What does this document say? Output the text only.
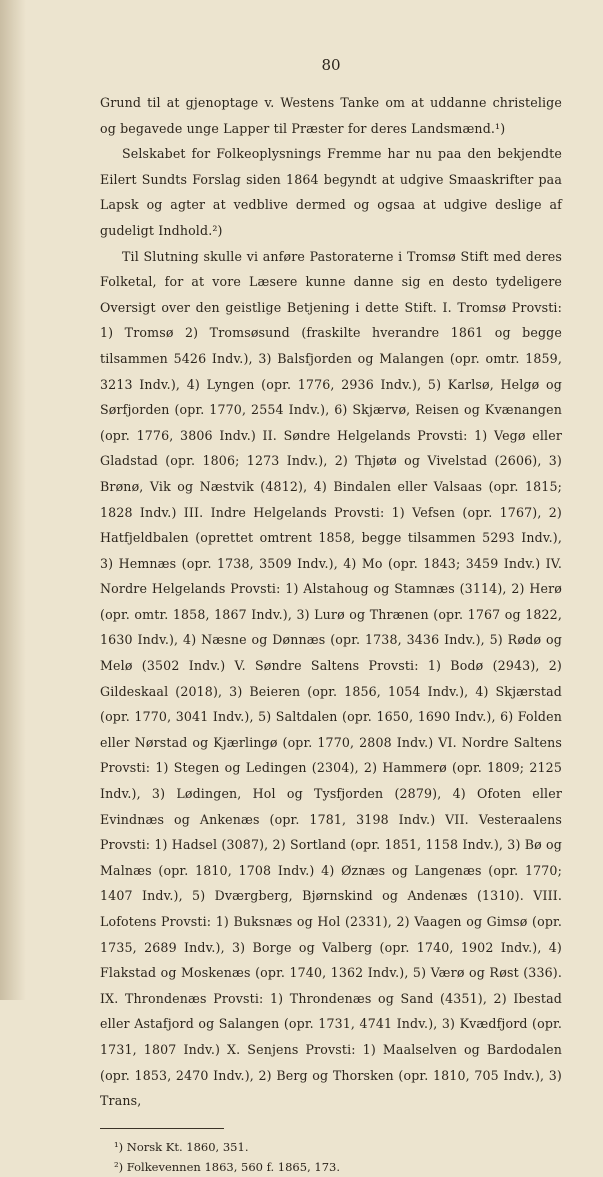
80

Grund til at gjenoptage v. Westens Tanke om at uddanne christelige og begavede unge Lapper til Præster for deres Landsmænd.¹)

Selskabet for Folkeoplysnings Fremme har nu paa den bekjendte Eilert Sundts Forslag siden 1864 begyndt at udgive Smaaskrifter paa Lapsk og agter at vedblive dermed og ogsaa at udgive deslige af gudeligt Indhold.²)

Til Slutning skulle vi anføre Pastoraterne i Tromsø Stift med deres Folketal, for at vore Læsere kunne danne sig en desto tydeligere Oversigt over den geistlige Betjening i dette Stift. I. Tromsø Provsti: 1) Tromsø 2) Tromsøsund (fraskilte hverandre 1861 og begge tilsammen 5426 Indv.), 3) Balsfjorden og Malangen (opr. omtr. 1859, 3213 Indv.), 4) Lyngen (opr. 1776, 2936 Indv.), 5) Karlsø, Helgø og Sørfjorden (opr. 1770, 2554 Indv.), 6) Skjærvø, Reisen og Kvænangen (opr. 1776, 3806 Indv.) II. Søndre Helgelands Provsti: 1) Vegø eller Gladstad (opr. 1806; 1273 Indv.), 2) Thjøtø og Vivelstad (2606), 3) Brønø, Vik og Næstvik (4812), 4) Bindalen eller Valsaas (opr. 1815; 1828 Indv.) III. Indre Helgelands Provsti: 1) Vefsen (opr. 1767), 2) Hatfjeldbalen (oprettet omtrent 1858, begge tilsammen 5293 Indv.), 3) Hemnæs (opr. 1738, 3509 Indv.), 4) Mo (opr. 1843; 3459 Indv.) IV. Nordre Helgelands Provsti: 1) Alstahoug og Stamnæs (3114), 2) Herø (opr. omtr. 1858, 1867 Indv.), 3) Lurø og Thrænen (opr. 1767 og 1822, 1630 Indv.), 4) Næsne og Dønnæs (opr. 1738, 3436 Indv.), 5) Rødø og Melø (3502 Indv.) V. Søndre Saltens Provsti: 1) Bodø (2943), 2) Gildeskaal (2018), 3) Beieren (opr. 1856, 1054 Indv.), 4) Skjærstad (opr. 1770, 3041 Indv.), 5) Saltdalen (opr. 1650, 1690 Indv.), 6) Folden eller Nørstad og Kjærlingø (opr. 1770, 2808 Indv.) VI. Nordre Saltens Provsti: 1) Stegen og Ledingen (2304), 2) Hammerø (opr. 1809; 2125 Indv.), 3) Lødingen, Hol og Tysfjorden (2879), 4) Ofoten eller Evindnæs og Ankenæs (opr. 1781, 3198 Indv.) VII. Vesteraalens Provsti: 1) Hadsel (3087), 2) Sortland (opr. 1851, 1158 Indv.), 3) Bø og Malnæs (opr. 1810, 1708 Indv.) 4) Øznæs og Langenæs (opr. 1770; 1407 Indv.), 5) Dværgberg, Bjørnskind og Andenæs (1310). VIII. Lofotens Provsti: 1) Buksnæs og Hol (2331), 2) Vaagen og Gimsø (opr. 1735, 2689 Indv.), 3) Borge og Valberg (opr. 1740, 1902 Indv.), 4) Flakstad og Moskenæs (opr. 1740, 1362 Indv.), 5) Værø og Røst (336). IX. Throndenæs Provsti: 1) Throndenæs og Sand (4351), 2) Ibestad eller Astafjord og Salangen (opr. 1731, 4741 Indv.), 3) Kvædfjord (opr. 1731, 1807 Indv.) X. Senjens Provsti: 1) Maalselven og Bardodalen (opr. 1853, 2470 Indv.), 2) Berg og Thorsken (opr. 1810, 705 Indv.), 3) Trans,

¹) Norsk Kt. 1860, 351.

²) Folkevennen 1863, 560 f. 1865, 173.
